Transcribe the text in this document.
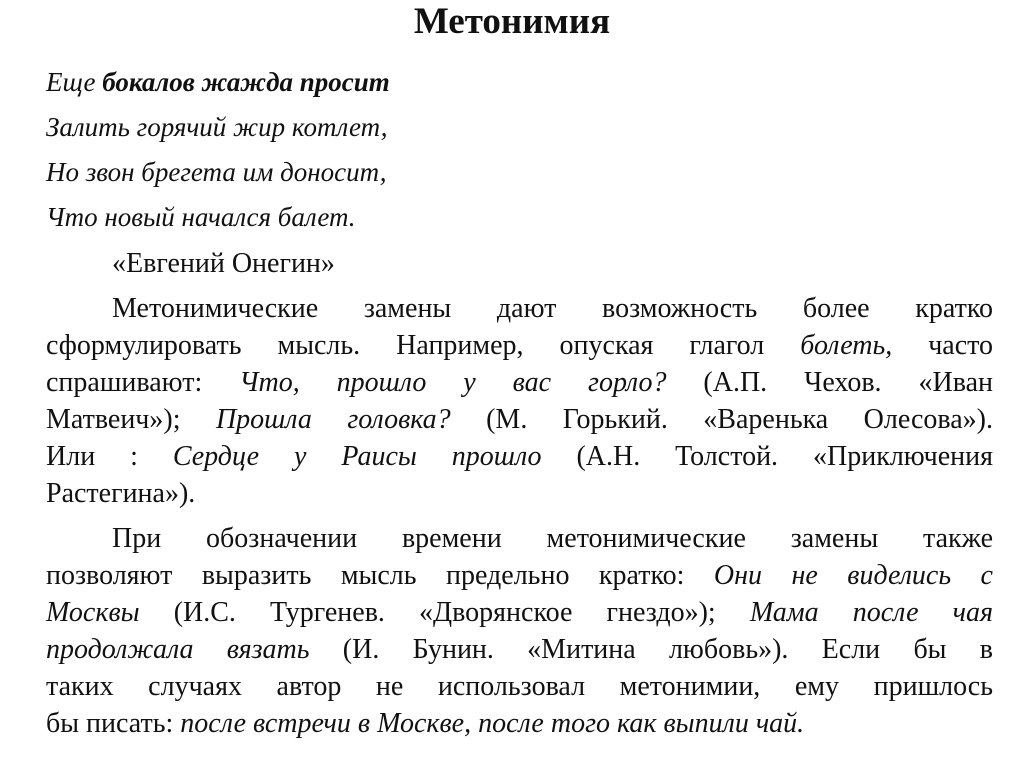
Метонимия
Еще бокалов жажда просит
Залить горячий жир котлет,
Но звон брегета им доносит,
Что новый начался балет.
«Евгений Онегин»
Метонимические замены дают возможность более кратко
сформулировать мысль. Например, опуская глагол болеть, часто
спрашивают: Что, прошло у вас горло? (А.П. Чехов. «Иван
Матвеич»); Прошла головка? (М. Горький. «Варенька Олесова»).
Или : Сердце у Раисы прошло (А.Н. Толстой. «Приключения
Растегина»).
При обозначении времени метонимические замены также
позволяют выразить мысль предельно кратко: Они не виделись с
Москвы (И.С. Тургенев. «Дворянское гнездо»); Мама после чая
продолжала вязать (И. Бунин. «Митина любовь»). Если бы в
таких случаях автор не использовал метонимии, ему пришлось
бы писать: после встречи в Москве, после того как выпили чай.
